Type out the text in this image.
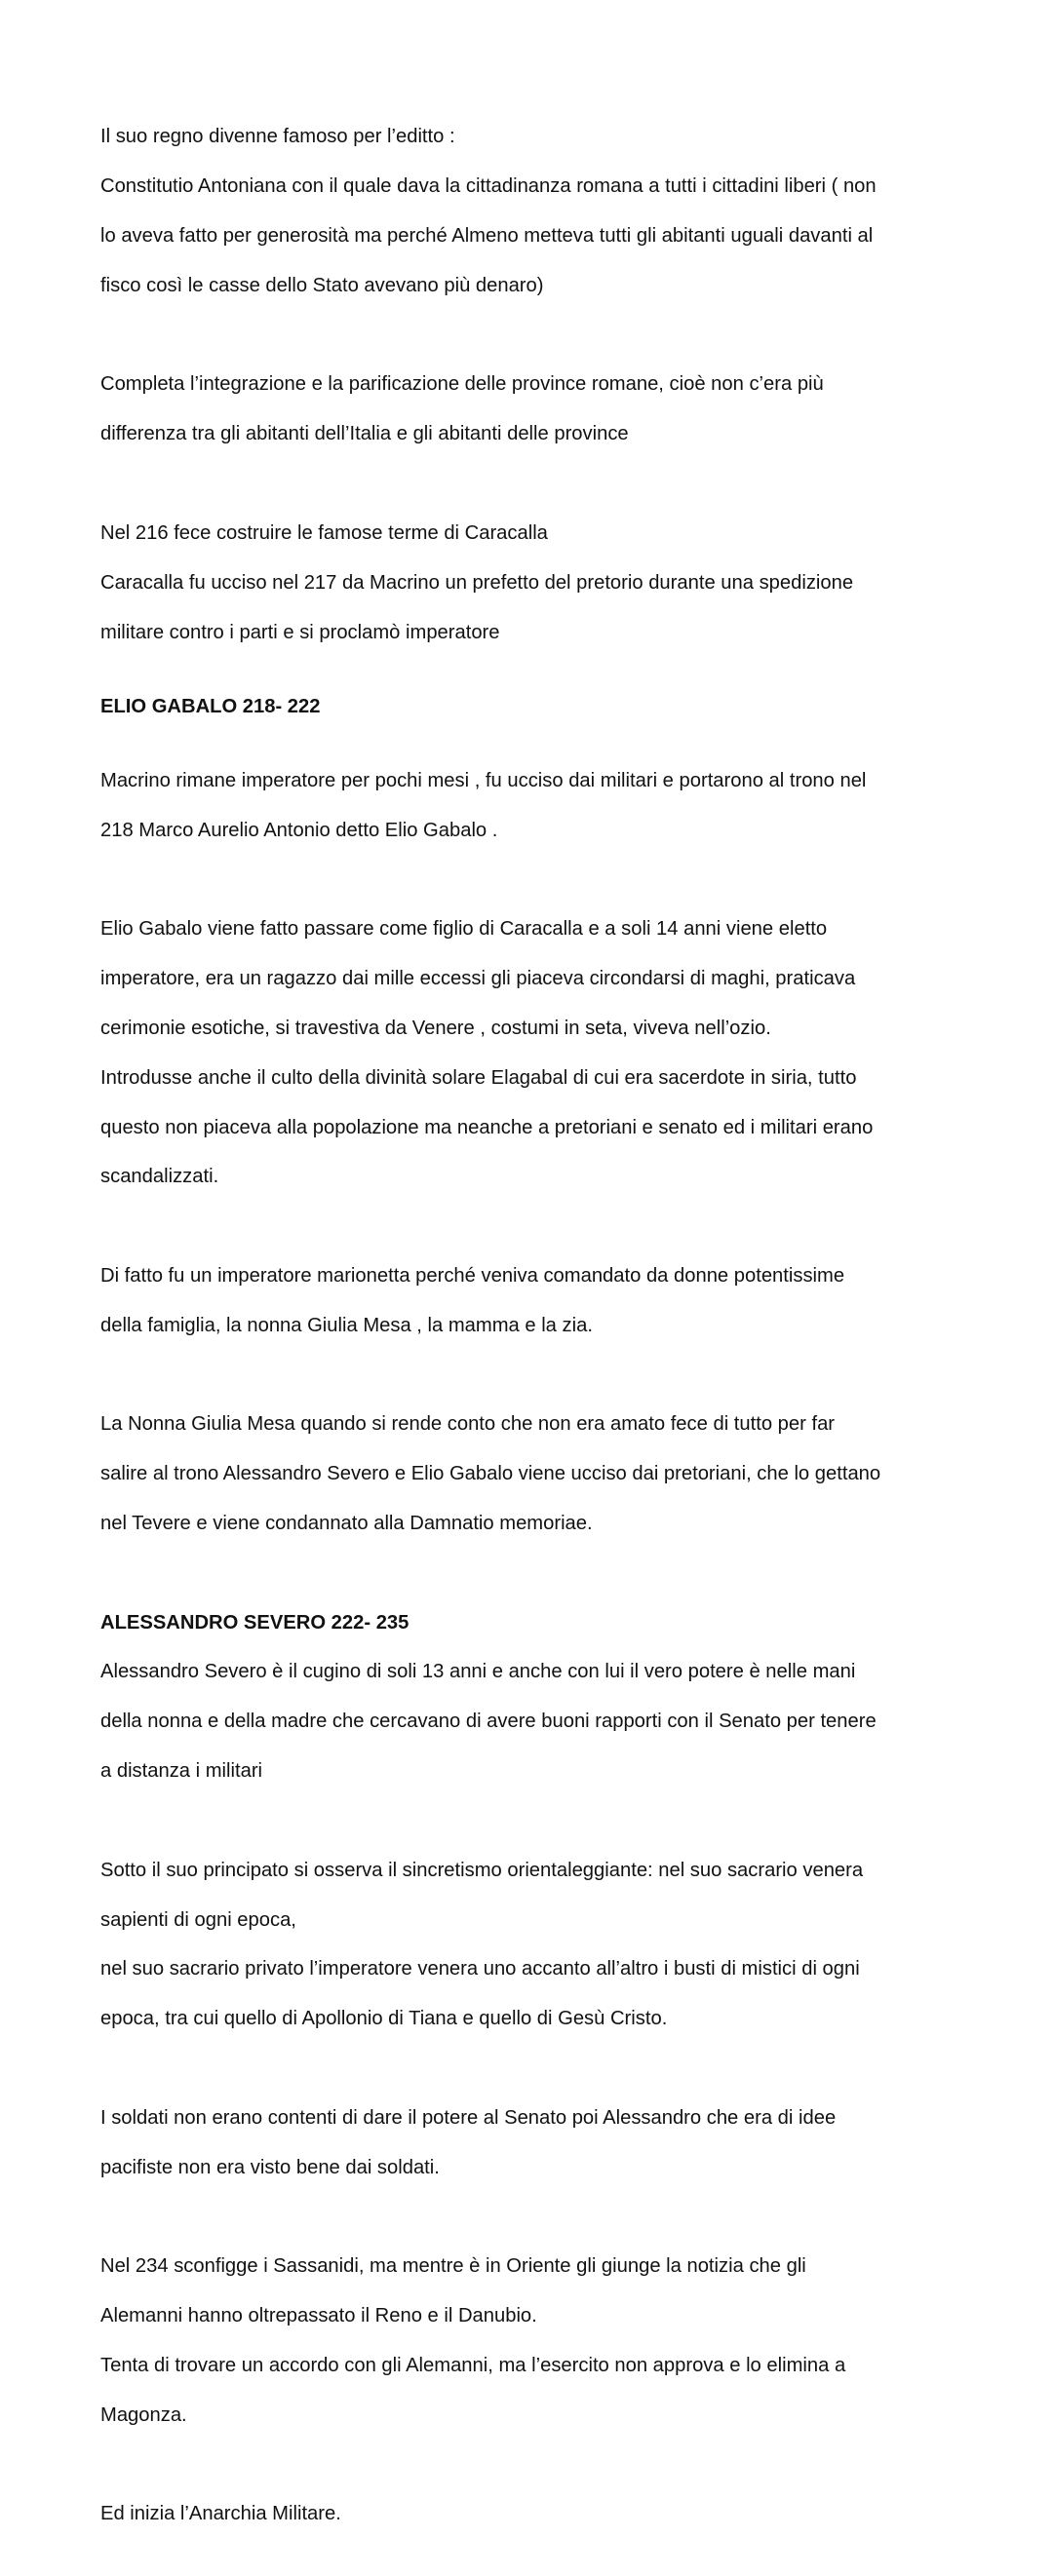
Il suo regno divenne famoso per l’editto :

Constitutio Antoniana con il quale dava la cittadinanza romana a tutti i cittadini liberi ( non

lo aveva fatto per generosità ma perché Almeno metteva tutti gli abitanti uguali davanti al

fisco così le casse dello Stato avevano più denaro)

Completa l’integrazione e la parificazione delle province romane, cioè non c’era più

differenza tra gli abitanti dell’Italia e gli abitanti delle province

Nel 216 fece costruire le famose terme di Caracalla

Caracalla fu ucciso nel 217 da Macrino un prefetto del pretorio durante una spedizione

militare contro i parti e si proclamò imperatore

ELIO GABALO 218- 222

Macrino rimane imperatore per pochi mesi , fu ucciso dai militari e portarono al trono nel

218 Marco Aurelio Antonio detto Elio Gabalo .

Elio Gabalo viene fatto passare come figlio di Caracalla e a soli 14 anni viene eletto

imperatore, era un ragazzo dai mille eccessi gli piaceva circondarsi di maghi, praticava

cerimonie esotiche, si travestiva da Venere , costumi in seta, viveva nell’ozio.

Introdusse anche il culto della divinità solare Elagabal di cui era sacerdote in siria, tutto

questo non piaceva alla popolazione ma neanche a pretoriani e senato ed i militari erano

scandalizzati.

Di fatto fu un imperatore marionetta perché veniva comandato da donne potentissime

della famiglia, la nonna Giulia Mesa , la mamma e la zia.

La Nonna Giulia Mesa quando si rende conto che non era amato fece di tutto per far

salire al trono Alessandro Severo e Elio Gabalo viene ucciso dai pretoriani, che lo gettano

nel Tevere e viene condannato alla Damnatio memoriae.

ALESSANDRO SEVERO 222- 235

Alessandro Severo è il cugino di soli 13 anni e anche con lui il vero potere è nelle mani

della nonna e della madre che cercavano di avere buoni rapporti con il Senato per tenere

a distanza i militari

Sotto il suo principato si osserva il sincretismo orientaleggiante: nel suo sacrario venera

sapienti di ogni epoca,

nel suo sacrario privato l’imperatore venera uno accanto all’altro i busti di mistici di ogni

epoca, tra cui quello di Apollonio di Tiana e quello di Gesù Cristo.

I soldati non erano contenti di dare il potere al Senato poi Alessandro che era di idee

pacifiste non era visto bene dai soldati.

Nel 234 sconfigge i Sassanidi, ma mentre è in Oriente gli giunge la notizia che gli

Alemanni hanno oltrepassato il Reno e il Danubio.

Tenta di trovare un accordo con gli Alemanni, ma l’esercito non approva e lo elimina a

Magonza.

Ed inizia l’Anarchia Militare.
